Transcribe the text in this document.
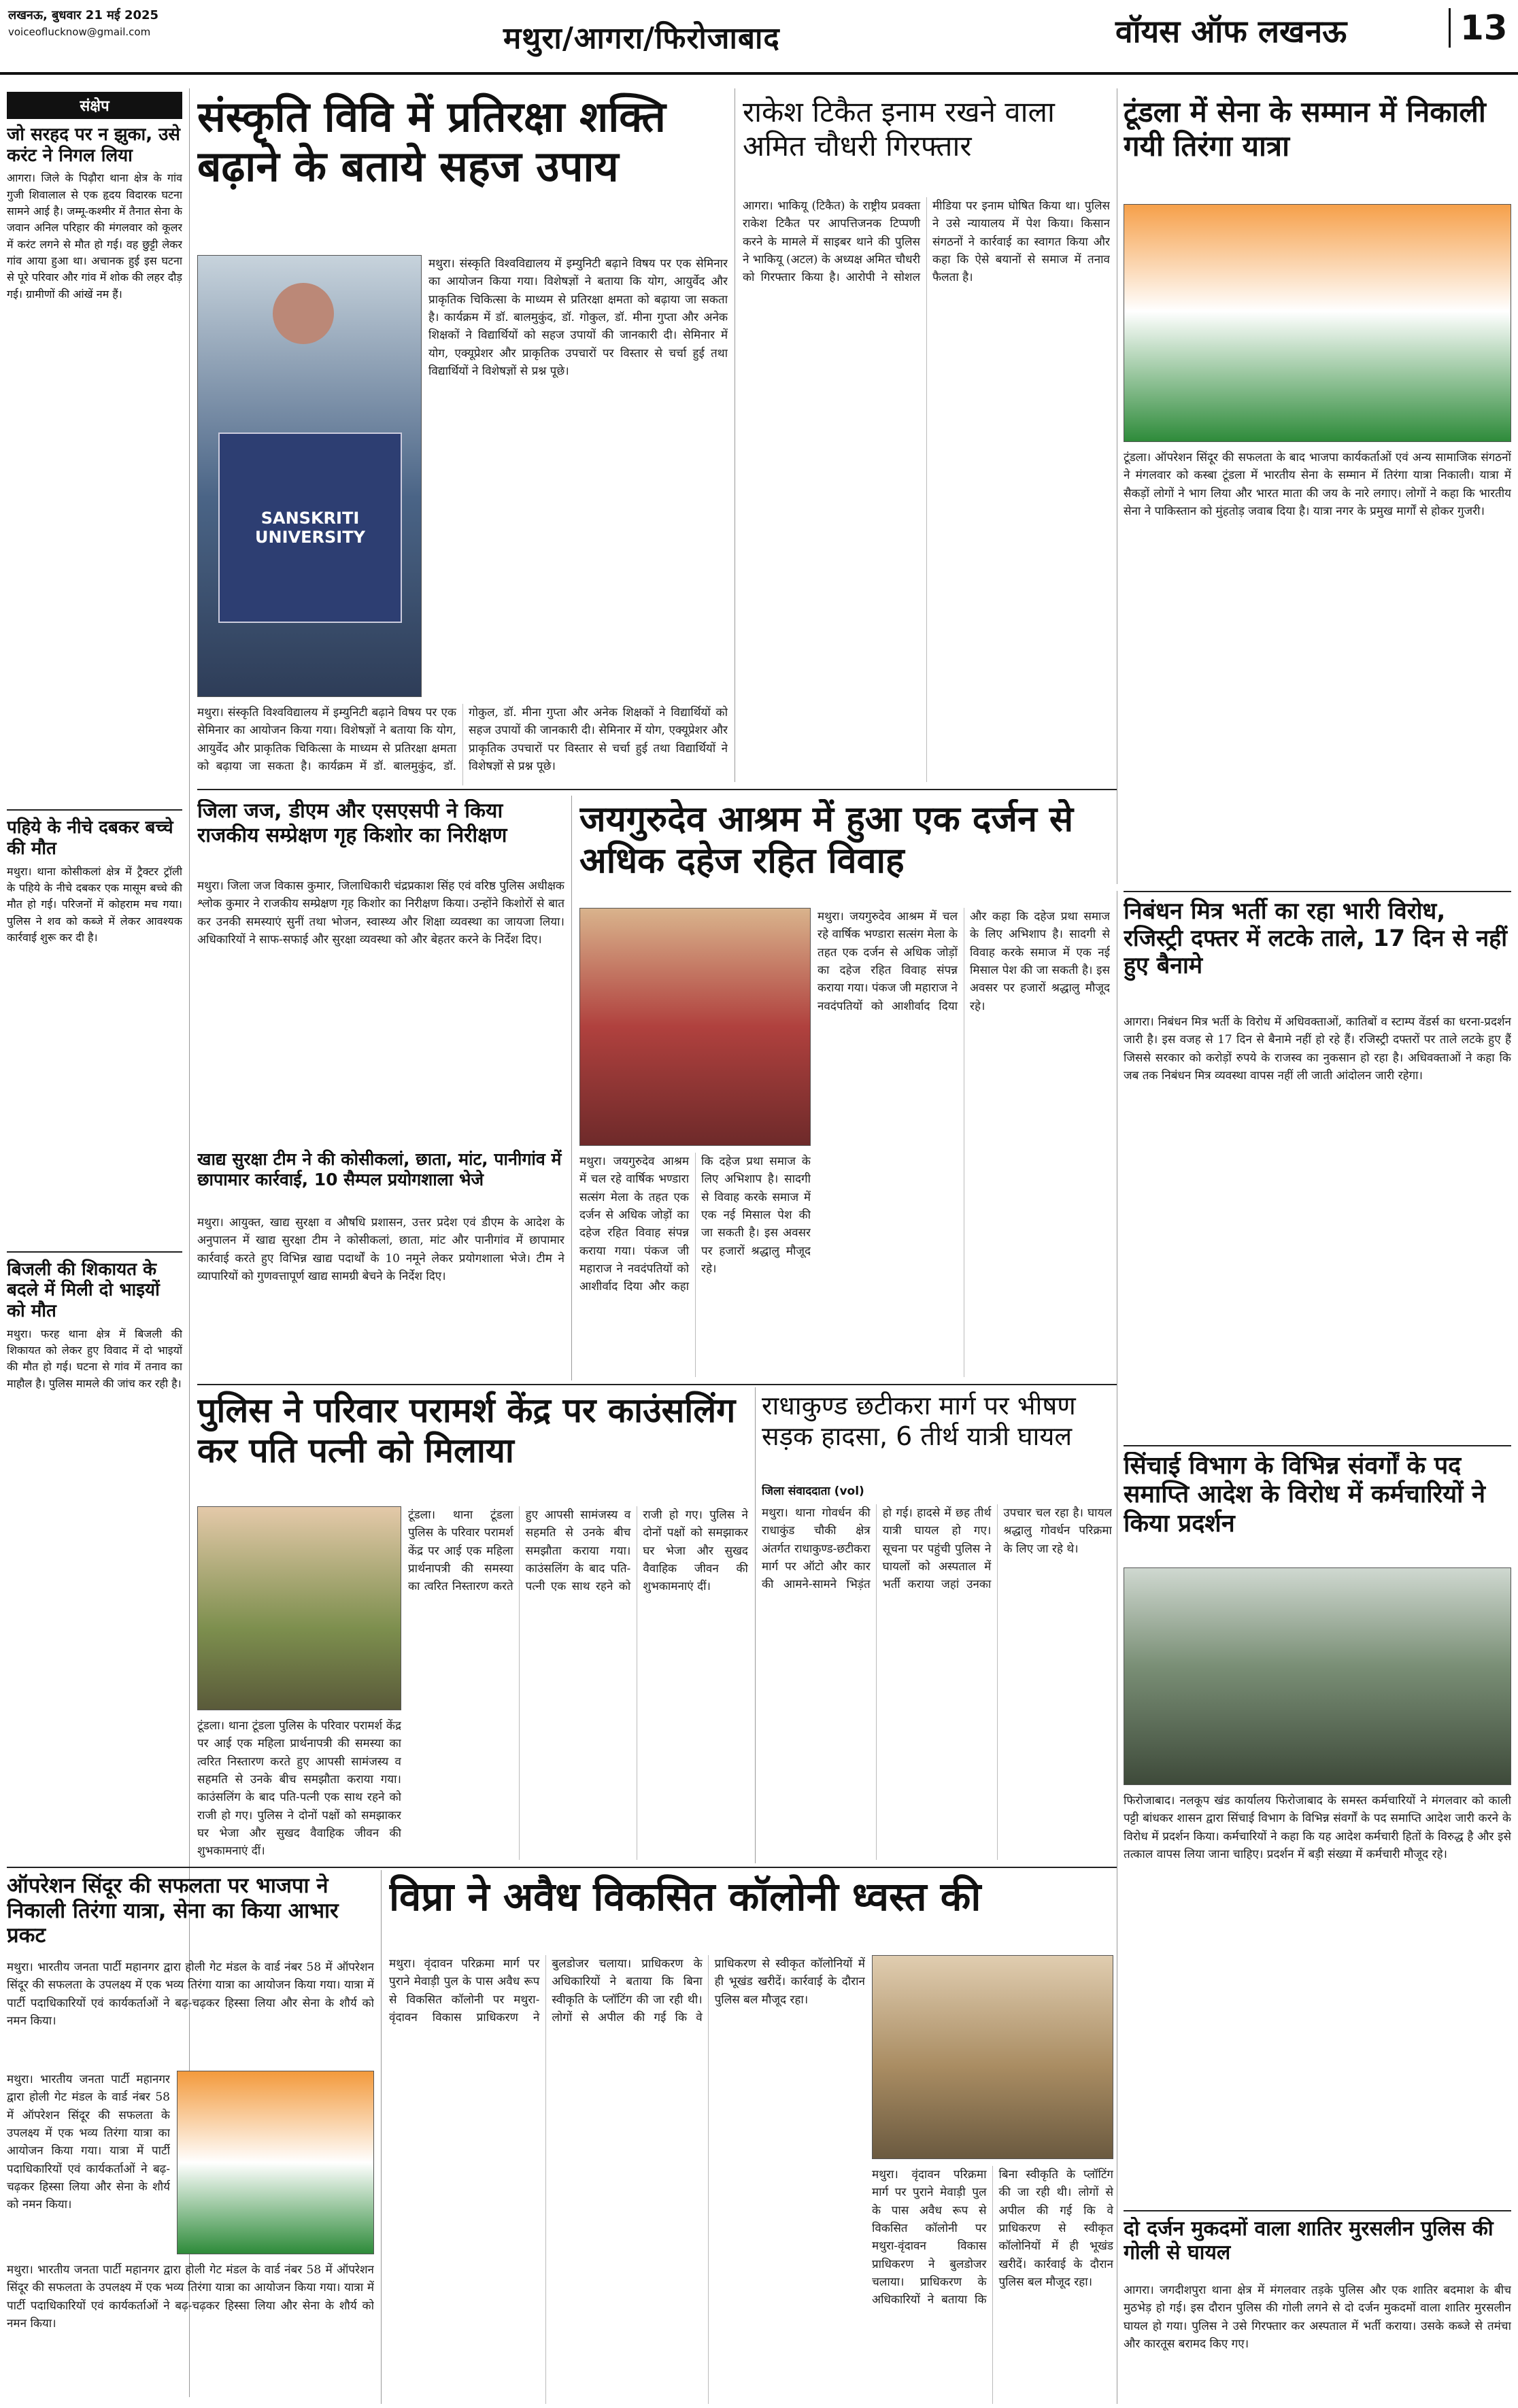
लखनऊ, बुधवार 21 मई 2025
voiceoflucknow@gmail.com	मथुरा/आगरा/फिरोजाबाद	वॉयस ऑफ लखनऊ	13
संक्षेप
जो सरहद पर न झुका, उसे करंट ने निगल लिया
आगरा। जिले के पिढ़ौरा थाना क्षेत्र के गांव गुजी शिवालाल से एक हृदय विदारक घटना सामने आई है। जम्मू-कश्मीर में तैनात सेना के जवान अनिल परिहार की मंगलवार को कूलर में करंट लगने से मौत हो गई। वह छुट्टी लेकर गांव आया हुआ था। अचानक हुई इस घटना से पूरे परिवार और गांव में शोक की लहर दौड़ गई। ग्रामीणों की आंखें नम हैं।
पहिये के नीचे दबकर बच्चे की मौत
मथुरा। थाना कोसीकलां क्षेत्र में ट्रैक्टर ट्रॉली के पहिये के नीचे दबकर एक मासूम बच्चे की मौत हो गई। परिजनों में कोहराम मच गया। पुलिस ने शव को कब्जे में लेकर आवश्यक कार्रवाई शुरू कर दी है।
बिजली की शिकायत के बदले में मिली दो भाइयों को मौत
मथुरा। फरह थाना क्षेत्र में बिजली की शिकायत को लेकर हुए विवाद में दो भाइयों की मौत हो गई। घटना से गांव में तनाव का माहौल है। पुलिस मामले की जांच कर रही है।
संस्कृति विवि में प्रतिरक्षा शक्ति बढ़ाने के बताये सहज उपाय
SANSKRITI UNIVERSITY
मथुरा। संस्कृति विश्वविद्यालय में इम्युनिटी बढ़ाने विषय पर एक सेमिनार का आयोजन किया गया। विशेषज्ञों ने बताया कि योग, आयुर्वेद और प्राकृतिक चिकित्सा के माध्यम से प्रतिरक्षा क्षमता को बढ़ाया जा सकता है। कार्यक्रम में डॉ. बालमुकुंद, डॉ. गोकुल, डॉ. मीना गुप्ता और अनेक शिक्षकों ने विद्यार्थियों को सहज उपायों की जानकारी दी। सेमिनार में योग, एक्यूप्रेशर और प्राकृतिक उपचारों पर विस्तार से चर्चा हुई तथा विद्यार्थियों ने विशेषज्ञों से प्रश्न पूछे।
मथुरा। संस्कृति विश्वविद्यालय में इम्युनिटी बढ़ाने विषय पर एक सेमिनार का आयोजन किया गया। विशेषज्ञों ने बताया कि योग, आयुर्वेद और प्राकृतिक चिकित्सा के माध्यम से प्रतिरक्षा क्षमता को बढ़ाया जा सकता है। कार्यक्रम में डॉ. बालमुकुंद, डॉ. गोकुल, डॉ. मीना गुप्ता और अनेक शिक्षकों ने विद्यार्थियों को सहज उपायों की जानकारी दी। सेमिनार में योग, एक्यूप्रेशर और प्राकृतिक उपचारों पर विस्तार से चर्चा हुई तथा विद्यार्थियों ने विशेषज्ञों से प्रश्न पूछे।
राकेश टिकैत इनाम रखने वाला अमित चौधरी गिरफ्तार
आगरा। भाकियू (टिकैत) के राष्ट्रीय प्रवक्ता राकेश टिकैत पर आपत्तिजनक टिप्पणी करने के मामले में साइबर थाने की पुलिस ने भाकियू (अटल) के अध्यक्ष अमित चौधरी को गिरफ्तार किया है। आरोपी ने सोशल मीडिया पर इनाम घोषित किया था। पुलिस ने उसे न्यायालय में पेश किया। किसान संगठनों ने कार्रवाई का स्वागत किया और कहा कि ऐसे बयानों से समाज में तनाव फैलता है।
टूंडला में सेना के सम्मान में निकाली गयी तिरंगा यात्रा
टूंडला। ऑपरेशन सिंदूर की सफलता के बाद भाजपा कार्यकर्ताओं एवं अन्य सामाजिक संगठनों ने मंगलवार को कस्बा टूंडला में भारतीय सेना के सम्मान में तिरंगा यात्रा निकाली। यात्रा में सैकड़ों लोगों ने भाग लिया और भारत माता की जय के नारे लगाए। लोगों ने कहा कि भारतीय सेना ने पाकिस्तान को मुंहतोड़ जवाब दिया है। यात्रा नगर के प्रमुख मार्गों से होकर गुजरी।
जिला जज, डीएम और एसएसपी ने किया राजकीय सम्प्रेक्षण गृह किशोर का निरीक्षण
मथुरा। जिला जज विकास कुमार, जिलाधिकारी चंद्रप्रकाश सिंह एवं वरिष्ठ पुलिस अधीक्षक श्लोक कुमार ने राजकीय सम्प्रेक्षण गृह किशोर का निरीक्षण किया। उन्होंने किशोरों से बात कर उनकी समस्याएं सुनीं तथा भोजन, स्वास्थ्य और शिक्षा व्यवस्था का जायजा लिया। अधिकारियों ने साफ-सफाई और सुरक्षा व्यवस्था को और बेहतर करने के निर्देश दिए।
खाद्य सुरक्षा टीम ने की कोसीकलां, छाता, मांट, पानीगांव में छापामार कार्रवाई, 10 सैम्पल प्रयोगशाला भेजे
मथुरा। आयुक्त, खाद्य सुरक्षा व औषधि प्रशासन, उत्तर प्रदेश एवं डीएम के आदेश के अनुपालन में खाद्य सुरक्षा टीम ने कोसीकलां, छाता, मांट और पानीगांव में छापामार कार्रवाई करते हुए विभिन्न खाद्य पदार्थों के 10 नमूने लेकर प्रयोगशाला भेजे। टीम ने व्यापारियों को गुणवत्तापूर्ण खाद्य सामग्री बेचने के निर्देश दिए।
जयगुरुदेव आश्रम में हुआ एक दर्जन से अधिक दहेज रहित विवाह
मथुरा। जयगुरुदेव आश्रम में चल रहे वार्षिक भण्डारा सत्संग मेला के तहत एक दर्जन से अधिक जोड़ों का दहेज रहित विवाह संपन्न कराया गया। पंकज जी महाराज ने नवदंपतियों को आशीर्वाद दिया और कहा कि दहेज प्रथा समाज के लिए अभिशाप है। सादगी से विवाह करके समाज में एक नई मिसाल पेश की जा सकती है। इस अवसर पर हजारों श्रद्धालु मौजूद रहे।
मथुरा। जयगुरुदेव आश्रम में चल रहे वार्षिक भण्डारा सत्संग मेला के तहत एक दर्जन से अधिक जोड़ों का दहेज रहित विवाह संपन्न कराया गया। पंकज जी महाराज ने नवदंपतियों को आशीर्वाद दिया और कहा कि दहेज प्रथा समाज के लिए अभिशाप है। सादगी से विवाह करके समाज में एक नई मिसाल पेश की जा सकती है। इस अवसर पर हजारों श्रद्धालु मौजूद रहे।
निबंधन मित्र भर्ती का रहा भारी विरोध, रजिस्ट्री दफ्तर में लटके ताले, 17 दिन से नहीं हुए बैनामे
आगरा। निबंधन मित्र भर्ती के विरोध में अधिवक्ताओं, कातिबों व स्टाम्प वेंडर्स का धरना-प्रदर्शन जारी है। इस वजह से 17 दिन से बैनामे नहीं हो रहे हैं। रजिस्ट्री दफ्तरों पर ताले लटके हुए हैं जिससे सरकार को करोड़ों रुपये के राजस्व का नुकसान हो रहा है। अधिवक्ताओं ने कहा कि जब तक निबंधन मित्र व्यवस्था वापस नहीं ली जाती आंदोलन जारी रहेगा।
सिंचाई विभाग के विभिन्न संवर्गों के पद समाप्ति आदेश के विरोध में कर्मचारियों ने किया प्रदर्शन
फिरोजाबाद। नलकूप खंड कार्यालय फिरोजाबाद के समस्त कर्मचारियों ने मंगलवार को काली पट्टी बांधकर शासन द्वारा सिंचाई विभाग के विभिन्न संवर्गों के पद समाप्ति आदेश जारी करने के विरोध में प्रदर्शन किया। कर्मचारियों ने कहा कि यह आदेश कर्मचारी हितों के विरुद्ध है और इसे तत्काल वापस लिया जाना चाहिए। प्रदर्शन में बड़ी संख्या में कर्मचारी मौजूद रहे।
दो दर्जन मुकदमों वाला शातिर मुरसलीन पुलिस की गोली से घायल
आगरा। जगदीशपुरा थाना क्षेत्र में मंगलवार तड़के पुलिस और एक शातिर बदमाश के बीच मुठभेड़ हो गई। इस दौरान पुलिस की गोली लगने से दो दर्जन मुकदमों वाला शातिर मुरसलीन घायल हो गया। पुलिस ने उसे गिरफ्तार कर अस्पताल में भर्ती कराया। उसके कब्जे से तमंचा और कारतूस बरामद किए गए।
पुलिस ने परिवार परामर्श केंद्र पर काउंसलिंग कर पति पत्नी को मिलाया
टूंडला। थाना टूंडला पुलिस के परिवार परामर्श केंद्र पर आई एक महिला प्रार्थनापत्री की समस्या का त्वरित निस्तारण करते हुए आपसी सामंजस्य व सहमति से उनके बीच समझौता कराया गया। काउंसलिंग के बाद पति-पत्नी एक साथ रहने को राजी हो गए। पुलिस ने दोनों पक्षों को समझाकर घर भेजा और सुखद वैवाहिक जीवन की शुभकामनाएं दीं।
टूंडला। थाना टूंडला पुलिस के परिवार परामर्श केंद्र पर आई एक महिला प्रार्थनापत्री की समस्या का त्वरित निस्तारण करते हुए आपसी सामंजस्य व सहमति से उनके बीच समझौता कराया गया। काउंसलिंग के बाद पति-पत्नी एक साथ रहने को राजी हो गए। पुलिस ने दोनों पक्षों को समझाकर घर भेजा और सुखद वैवाहिक जीवन की शुभकामनाएं दीं।
राधाकुण्ड छटीकरा मार्ग पर भीषण सड़क हादसा, 6 तीर्थ यात्री घायल
जिला संवाददाता (vol)
मथुरा। थाना गोवर्धन की राधाकुंड चौकी क्षेत्र अंतर्गत राधाकुण्ड-छटीकरा मार्ग पर ऑटो और कार की आमने-सामने भिड़ंत हो गई। हादसे में छह तीर्थ यात्री घायल हो गए। सूचना पर पहुंची पुलिस ने घायलों को अस्पताल में भर्ती कराया जहां उनका उपचार चल रहा है। घायल श्रद्धालु गोवर्धन परिक्रमा के लिए जा रहे थे।
ऑपरेशन सिंदूर की सफलता पर भाजपा ने निकाली तिरंगा यात्रा, सेना का किया आभार प्रकट
मथुरा। भारतीय जनता पार्टी महानगर द्वारा होली गेट मंडल के वार्ड नंबर 58 में ऑपरेशन सिंदूर की सफलता के उपलक्ष्य में एक भव्य तिरंगा यात्रा का आयोजन किया गया। यात्रा में पार्टी पदाधिकारियों एवं कार्यकर्ताओं ने बढ़-चढ़कर हिस्सा लिया और सेना के शौर्य को नमन किया।
मथुरा। भारतीय जनता पार्टी महानगर द्वारा होली गेट मंडल के वार्ड नंबर 58 में ऑपरेशन सिंदूर की सफलता के उपलक्ष्य में एक भव्य तिरंगा यात्रा का आयोजन किया गया। यात्रा में पार्टी पदाधिकारियों एवं कार्यकर्ताओं ने बढ़-चढ़कर हिस्सा लिया और सेना के शौर्य को नमन किया।
मथुरा। भारतीय जनता पार्टी महानगर द्वारा होली गेट मंडल के वार्ड नंबर 58 में ऑपरेशन सिंदूर की सफलता के उपलक्ष्य में एक भव्य तिरंगा यात्रा का आयोजन किया गया। यात्रा में पार्टी पदाधिकारियों एवं कार्यकर्ताओं ने बढ़-चढ़कर हिस्सा लिया और सेना के शौर्य को नमन किया।
विप्रा ने अवैध विकसित कॉलोनी ध्वस्त की
मथुरा। वृंदावन परिक्रमा मार्ग पर पुराने मेवाड़ी पुल के पास अवैध रूप से विकसित कॉलोनी पर मथुरा-वृंदावन विकास प्राधिकरण ने बुलडोजर चलाया। प्राधिकरण के अधिकारियों ने बताया कि बिना स्वीकृति के प्लॉटिंग की जा रही थी। लोगों से अपील की गई कि वे प्राधिकरण से स्वीकृत कॉलोनियों में ही भूखंड खरीदें। कार्रवाई के दौरान पुलिस बल मौजूद रहा।
मथुरा। वृंदावन परिक्रमा मार्ग पर पुराने मेवाड़ी पुल के पास अवैध रूप से विकसित कॉलोनी पर मथुरा-वृंदावन विकास प्राधिकरण ने बुलडोजर चलाया। प्राधिकरण के अधिकारियों ने बताया कि बिना स्वीकृति के प्लॉटिंग की जा रही थी। लोगों से अपील की गई कि वे प्राधिकरण से स्वीकृत कॉलोनियों में ही भूखंड खरीदें। कार्रवाई के दौरान पुलिस बल मौजूद रहा।
